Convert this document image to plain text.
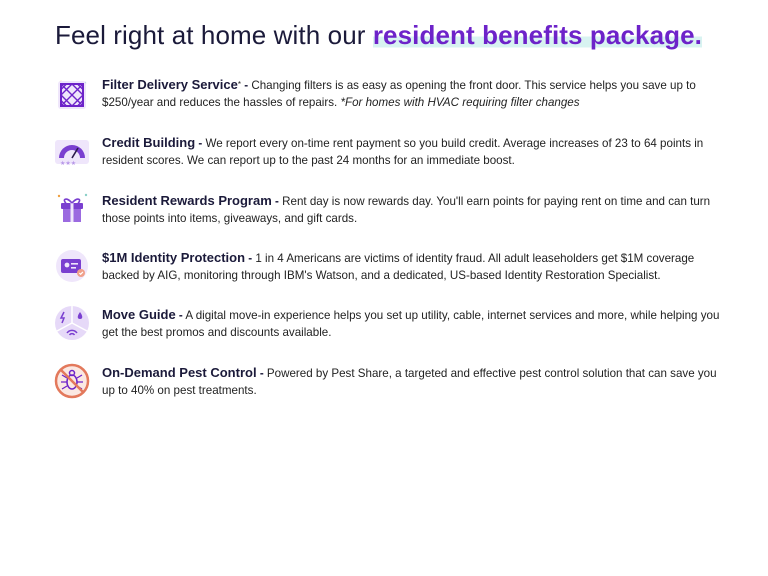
Feel right at home with our resident benefits package.
Filter Delivery Service* - Changing filters is as easy as opening the front door. This service helps you save up to $250/year and reduces the hassles of repairs. *For homes with HVAC requiring filter changes
★★★
Credit Building - We report every on-time rent payment so you build credit. Average increases of 23 to 64 points in resident scores. We can report up to the past 24 months for an immediate boost.
Resident Rewards Program - Rent day is now rewards day. You'll earn points for paying rent on time and can turn those points into items, giveaways, and gift cards.
$1M Identity Protection - 1 in 4 Americans are victims of identity fraud. All adult leaseholders get $1M coverage backed by AIG, monitoring through IBM's Watson, and a dedicated, US-based Identity Restoration Specialist.
Move Guide - A digital move-in experience helps you set up utility, cable, internet services and more, while helping you get the best promos and discounts available.
On-Demand Pest Control - Powered by Pest Share, a targeted and effective pest control solution that can save you up to 40% on pest treatments.
